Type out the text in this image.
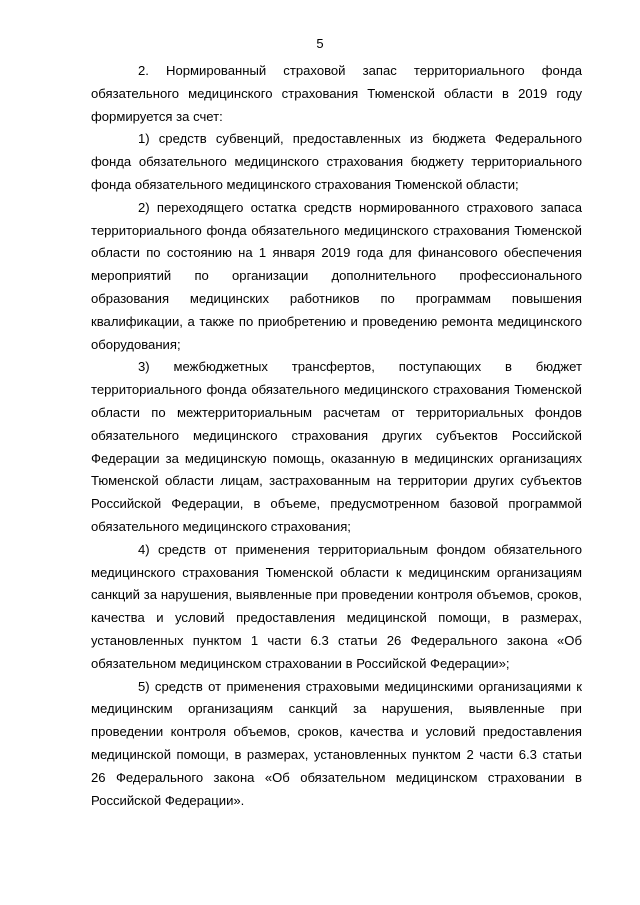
5

2. Нормированный страховой запас территориального фонда обязательного медицинского страхования Тюменской области в 2019 году формируется за счет:

1) средств субвенций, предоставленных из бюджета Федерального фонда обязательного медицинского страхования бюджету территориального фонда обязательного медицинского страхования Тюменской области;

2) переходящего остатка средств нормированного страхового запаса территориального фонда обязательного медицинского страхования Тюменской области по состоянию на 1 января 2019 года для финансового обеспечения мероприятий по организации дополнительного профессионального образования медицинских работников по программам повышения квалификации, а также по приобретению и проведению ремонта медицинского оборудования;

3) межбюджетных трансфертов, поступающих в бюджет территориального фонда обязательного медицинского страхования Тюменской области по межтерриториальным расчетам от территориальных фондов обязательного медицинского страхования других субъектов Российской Федерации за медицинскую помощь, оказанную в медицинских организациях Тюменской области лицам, застрахованным на территории других субъектов Российской Федерации, в объеме, предусмотренном базовой программой обязательного медицинского страхования;

4) средств от применения территориальным фондом обязательного медицинского страхования Тюменской области к медицинским организациям санкций за нарушения, выявленные при проведении контроля объемов, сроков, качества и условий предоставления медицинской помощи, в размерах, установленных пунктом 1 части 6.3 статьи 26 Федерального закона «Об обязательном медицинском страховании в Российской Федерации»;

5) средств от применения страховыми медицинскими организациями к медицинским организациям санкций за нарушения, выявленные при проведении контроля объемов, сроков, качества и условий предоставления медицинской помощи, в размерах, установленных пунктом 2 части 6.3 статьи 26 Федерального закона «Об обязательном медицинском страховании в Российской Федерации».
